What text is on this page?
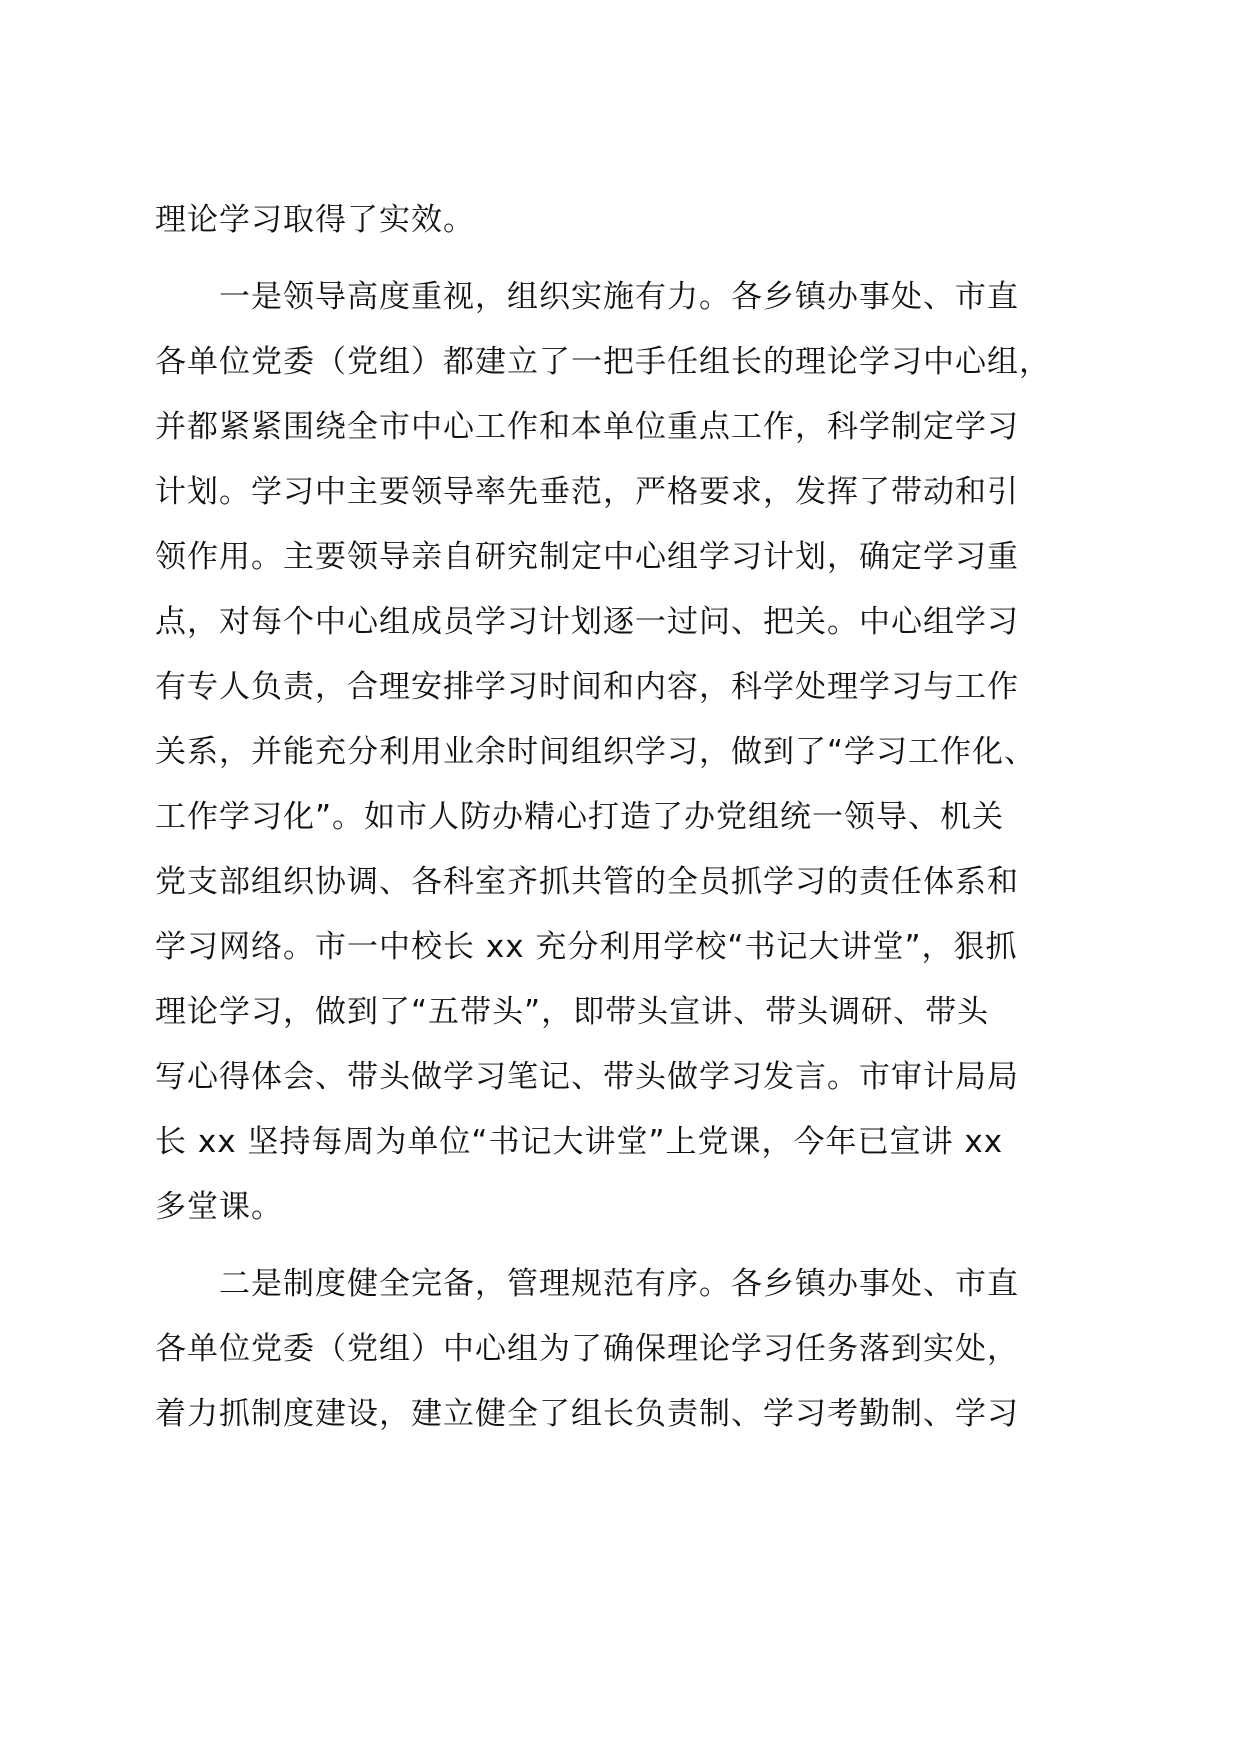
理论学习取得了实效。

一是领导高度重视，组织实施有力。各乡镇办事处、市直
各单位党委（党组）都建立了一把手任组长的理论学习中心组，
并都紧紧围绕全市中心工作和本单位重点工作，科学制定学习
计划。学习中主要领导率先垂范，严格要求，发挥了带动和引
领作用。主要领导亲自研究制定中心组学习计划，确定学习重
点，对每个中心组成员学习计划逐一过问、把关。中心组学习
有专人负责，合理安排学习时间和内容，科学处理学习与工作
关系，并能充分利用业余时间组织学习，做到了“学习工作化、
工作学习化”。如市人防办精心打造了办党组统一领导、机关
党支部组织协调、各科室齐抓共管的全员抓学习的责任体系和
学习网络。市一中校长 xx 充分利用学校“书记大讲堂”，狠抓
理论学习，做到了“五带头”，即带头宣讲、带头调研、带头
写心得体会、带头做学习笔记、带头做学习发言。市审计局局
长 xx 坚持每周为单位“书记大讲堂”上党课，今年已宣讲 xx
多堂课。

二是制度健全完备，管理规范有序。各乡镇办事处、市直
各单位党委（党组）中心组为了确保理论学习任务落到实处，
着力抓制度建设，建立健全了组长负责制、学习考勤制、学习
